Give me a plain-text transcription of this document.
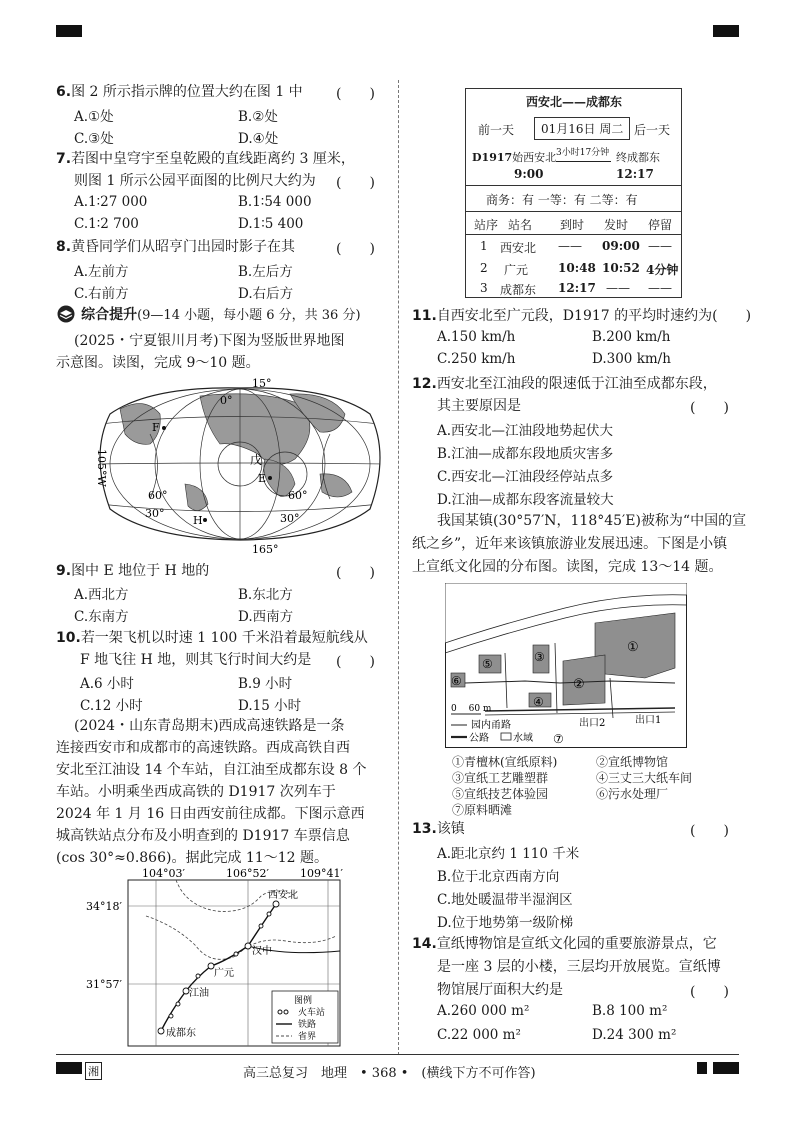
6.图 2 所示指示牌的位置大约在图 1 中 (　　)
A.①处	B.②处
C.③处	D.④处
7.若图中皇穹宇至皇乾殿的直线距离约 3 厘米，
则图 1 所示公园平面图的比例尺大约为 (　　)
A.1∶27 000	B.1∶54 000
C.1∶2 700	D.1∶5 400
8.黄昏同学们从昭亨门出园时影子在其	(　　)
A.左前方	B.左后方
C.右前方	D.右后方
综合提升(9—14 小题，每小题 6 分，共 36 分)
(2025・宁夏银川月考)下图为竖版世界地图
示意图。读图，完成 9～10 题。
15°
165°
0°
105°W
F
戊
E
H
60°
30°
60°
30°
9.图中 E 地位于 H 地的	(　　)
A.西北方	B.东北方
C.东南方	D.西南方
10.若一架飞机以时速 1 100 千米沿着最短航线从
F 地飞往 H 地，则其飞行时间大约是 (　　)
A.6 小时	B.9 小时
C.12 小时	D.15 小时
(2024・山东青岛期末)西成高速铁路是一条
连接西安市和成都市的高速铁路。西成高铁自西
安北至江油设 14 个车站，自江油至成都东设 8 个
车站。小明乘坐西成高铁的 D1917 次列车于
2024 年 1 月 16 日由西安前往成都。下图示意西
城高铁站点分布及小明查到的 D1917 车票信息
(cos 30°≈0.866)。据此完成 11～12 题。
104°03′	106°52′	109°41′
34°18′
31°57′
西安北
汉中
广元
江油
成都东
图例
火车站
铁路
省界
西安北——成都东
前一天	01月16日 周二 后一天
D1917始西安北 3小时17分钟 终成都东
9:00	12:17
商务：有 一等：有 二等：有
站序 站名 到时 发时 停留
1 西安北 —— 09:00 ——
2 广元 10:48 10:52 4分钟
3 成都东 12:17 —— ——
11.自西安北至广元段，D1917 的平均时速约为(　　)
A.150 km/h	B.200 km/h
C.250 km/h	D.300 km/h
12.西安北至江油段的限速低于江油至成都东段，
其主要原因是	(　　)
A.西安北—江油段地势起伏大
B.江油—成都东段地质灾害多
C.西安北—江油段经停站点多
D.江油—成都东段客流量较大
我国某镇(30°57′N，118°45′E)被称为“中国的宣
纸之乡”，近年来该镇旅游业发展迅速。下图是小镇
上宣纸文化园的分布图。读图，完成 13～14 题。
①
②
③
④
⑤
⑥
⑦
出口2	出口1
0　 60 m
园内甬路
公路 水域
①青檀林(宣纸原料)	②宣纸博物馆
③宣纸工艺雕塑群	④三丈三大纸车间
⑤宣纸技艺体验园	⑥污水处理厂
⑦原料晒滩
13.该镇	(　　)
A.距北京约 1 110 千米
B.位于北京西南方向
C.地处暖温带半湿润区
D.位于地势第一级阶梯
14.宣纸博物馆是宣纸文化园的重要旅游景点，它
是一座 3 层的小楼，三层均开放展览。宣纸博
物馆展厅面积大约是	(　　)
A.260 000 m²	B.8 100 m²
C.22 000 m²	D.24 300 m²
湘	高三总复习　地理　• 368 •　(横线下方不可作答)
